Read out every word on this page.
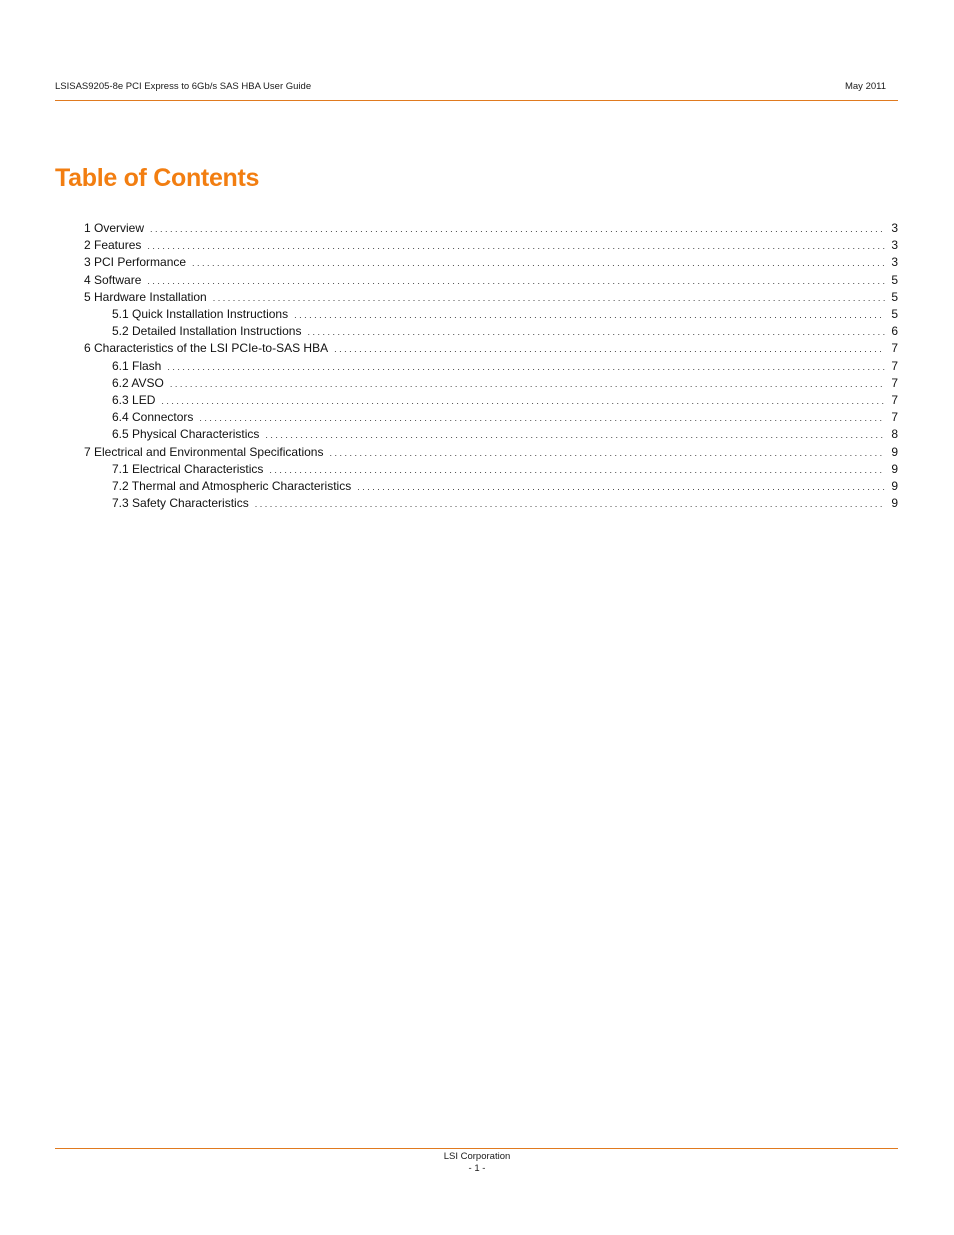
LSISAS9205-8e PCI Express to 6Gb/s SAS HBA User Guide	May 2011
Table of Contents
1 Overview . . .	3
2 Features . . .	3
3 PCI Performance . . .	3
4 Software . . .	5
5 Hardware Installation . . .	5
5.1 Quick Installation Instructions . . .	5
5.2 Detailed Installation Instructions . . .	6
6 Characteristics of the LSI PCIe-to-SAS HBA . . .	7
6.1 Flash . . .	7
6.2 AVSO . . .	7
6.3 LED . . .	7
6.4 Connectors . . .	7
6.5 Physical Characteristics . . .	8
7 Electrical and Environmental Specifications . . .	9
7.1 Electrical Characteristics . . .	9
7.2 Thermal and Atmospheric Characteristics . . .	9
7.3 Safety Characteristics . . .	9
LSI Corporation
- 1 -
